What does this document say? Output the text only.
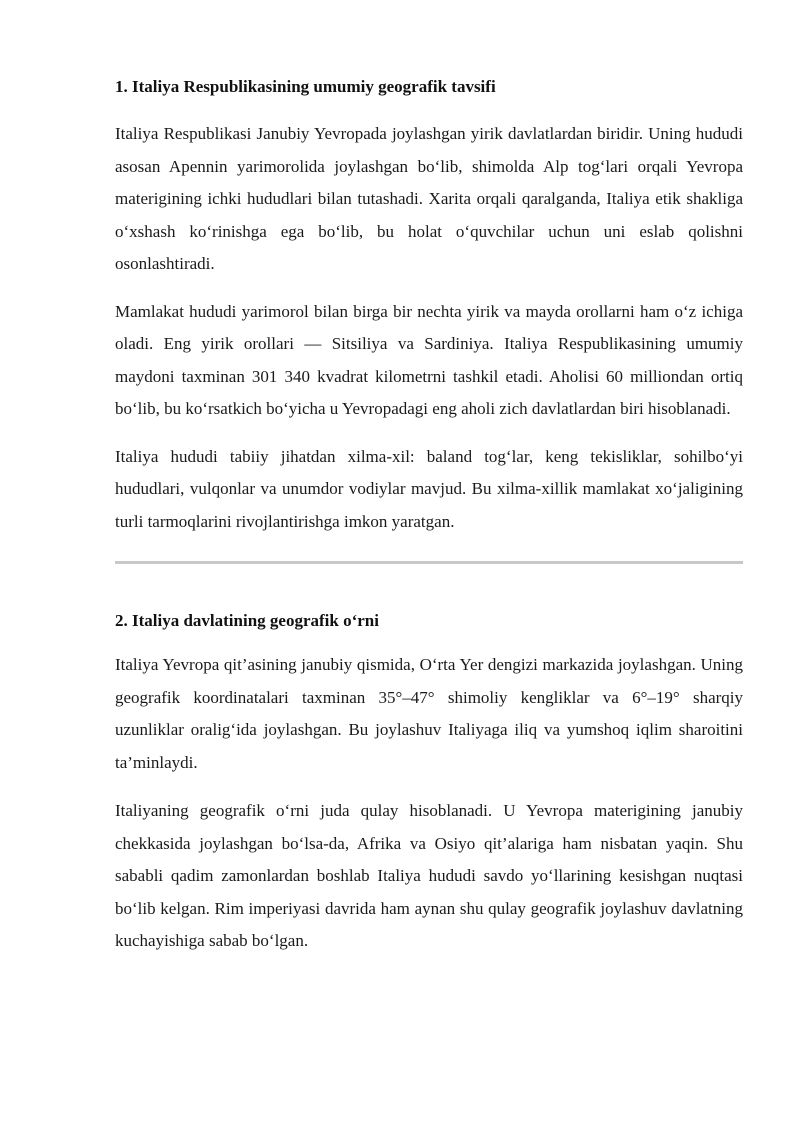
1. Italiya Respublikasining umumiy geografik tavsifi

Italiya Respublikasi Janubiy Yevropada joylashgan yirik davlatlardan biridir. Uning hududi asosan Apennin yarimorolida joylashgan bo‘lib, shimolda Alp tog‘lari orqali Yevropa materigining ichki hududlari bilan tutashadi. Xarita orqali qaralganda, Italiya etik shakliga o‘xshash ko‘rinishga ega bo‘lib, bu holat o‘quvchilar uchun uni eslab qolishni osonlashtiradi.

Mamlakat hududi yarimorol bilan birga bir nechta yirik va mayda orollarni ham o‘z ichiga oladi. Eng yirik orollari — Sitsiliya va Sardiniya. Italiya Respublikasining umumiy maydoni taxminan 301 340 kvadrat kilometrni tashkil etadi. Aholisi 60 milliondan ortiq bo‘lib, bu ko‘rsatkich bo‘yicha u Yevropadagi eng aholi zich davlatlardan biri hisoblanadi.

Italiya hududi tabiiy jihatdan xilma-xil: baland tog‘lar, keng tekisliklar, sohilbo‘yi hududlari, vulqonlar va unumdor vodiylar mavjud. Bu xilma-xillik mamlakat xo‘jaligining turli tarmoqlarini rivojlantirishga imkon yaratgan.

2. Italiya davlatining geografik o‘rni

Italiya Yevropa qit’asining janubiy qismida, O‘rta Yer dengizi markazida joylashgan. Uning geografik koordinatalari taxminan 35°–47° shimoliy kengliklar va 6°–19° sharqiy uzunliklar oralig‘ida joylashgan. Bu joylashuv Italiyaga iliq va yumshoq iqlim sharoitini ta’minlaydi.

Italiyaning geografik o‘rni juda qulay hisoblanadi. U Yevropa materigining janubiy chekkasida joylashgan bo‘lsa-da, Afrika va Osiyo qit’alariga ham nisbatan yaqin. Shu sababli qadim zamonlardan boshlab Italiya hududi savdo yo‘llarining kesishgan nuqtasi bo‘lib kelgan. Rim imperiyasi davrida ham aynan shu qulay geografik joylashuv davlatning kuchayishiga sabab bo‘lgan.
